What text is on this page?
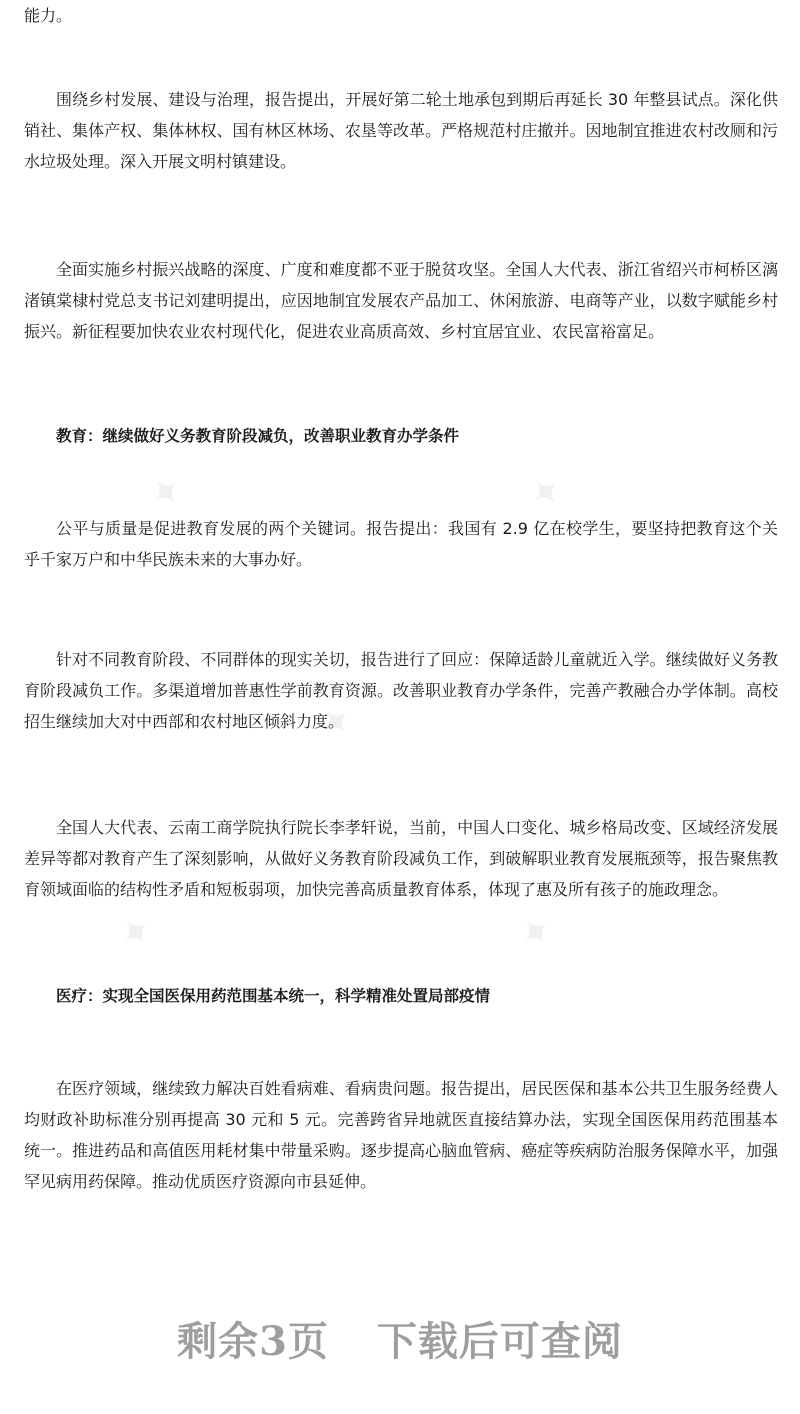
✦	✦
✦
✦	✦

能力。

围绕乡村发展、建设与治理，报告提出，开展好第二轮土地承包到期后再延长 30 年整县试点。深化供销社、集体产权、集体林权、国有林区林场、农垦等改革。严格规范村庄撤并。因地制宜推进农村改厕和污水垃圾处理。深入开展文明村镇建设。

全面实施乡村振兴战略的深度、广度和难度都不亚于脱贫攻坚。全国人大代表、浙江省绍兴市柯桥区漓渚镇棠棣村党总支书记刘建明提出，应因地制宜发展农产品加工、休闲旅游、电商等产业，以数字赋能乡村振兴。新征程要加快农业农村现代化，促进农业高质高效、乡村宜居宜业、农民富裕富足。

教育：继续做好义务教育阶段减负，改善职业教育办学条件

公平与质量是促进教育发展的两个关键词。报告提出：我国有 2.9 亿在校学生，要坚持把教育这个关乎千家万户和中华民族未来的大事办好。

针对不同教育阶段、不同群体的现实关切，报告进行了回应：保障适龄儿童就近入学。继续做好义务教育阶段减负工作。多渠道增加普惠性学前教育资源。改善职业教育办学条件，完善产教融合办学体制。高校招生继续加大对中西部和农村地区倾斜力度。

全国人大代表、云南工商学院执行院长李孝轩说，当前，中国人口变化、城乡格局改变、区域经济发展差异等都对教育产生了深刻影响，从做好义务教育阶段减负工作，到破解职业教育发展瓶颈等，报告聚焦教育领域面临的结构性矛盾和短板弱项，加快完善高质量教育体系，体现了惠及所有孩子的施政理念。

医疗：实现全国医保用药范围基本统一，科学精准处置局部疫情

在医疗领域，继续致力解决百姓看病难、看病贵问题。报告提出，居民医保和基本公共卫生服务经费人均财政补助标准分别再提高 30 元和 5 元。完善跨省异地就医直接结算办法，实现全国医保用药范围基本统一。推进药品和高值医用耗材集中带量采购。逐步提高心脑血管病、癌症等疾病防治服务保障水平，加强罕见病用药保障。推动优质医疗资源向市县延伸。

剩余3页 下载后可查阅
